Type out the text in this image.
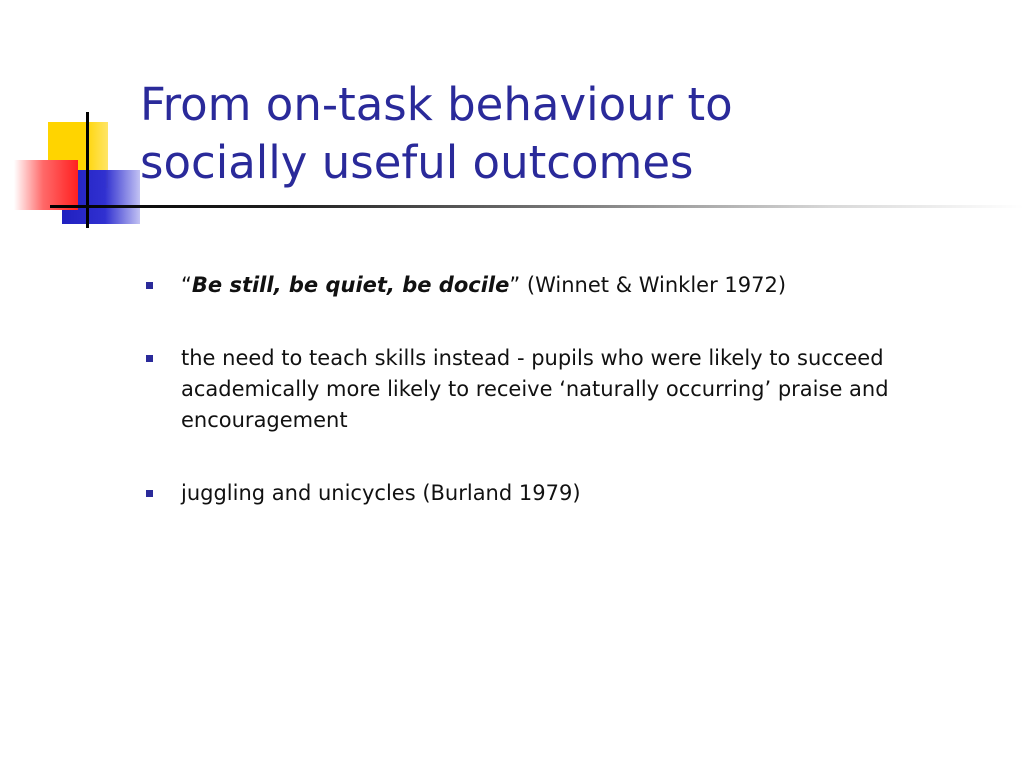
From on-task behaviour to
socially useful outcomes
“Be still, be quiet, be docile” (Winnet & Winkler 1972)
the need to teach skills instead - pupils who were likely to succeed academically more likely to receive ‘naturally occurring’ praise and encouragement
juggling and unicycles (Burland 1979)
